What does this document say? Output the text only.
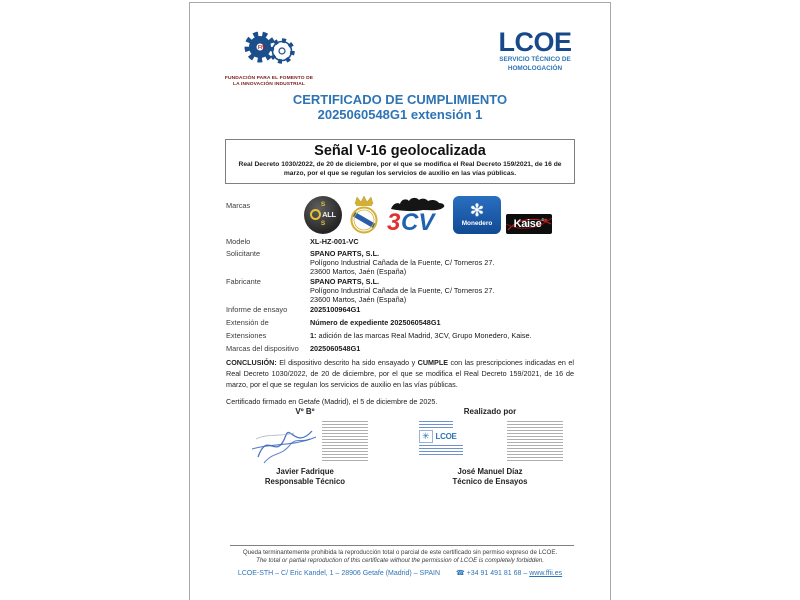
FfII
FUNDACIÓN PARA EL FOMENTO DE
LA INNOVACIÓN INDUSTRIAL
LCOE
SERVICIO TÉCNICO DE
HOMOLOGACIÓN
CERTIFICADO DE CUMPLIMIENTO
2025060548G1 extensión 1
Señal V-16 geolocalizada
Real Decreto 1030/2022, de 20 de diciembre, por el que se modifica el Real Decreto 159/2021, de 16 de marzo, por el que se regulan los servicios de auxilio en las vías públicas.
Marcas	S
ALL
S	3 CV ✻
Monedero Kaise ®
Modelo	XL-HZ-001-VC
Solicitante	SPANO PARTS, S.L.
Polígono Industrial Cañada de la Fuente, C/ Torneros 27.
23600 Martos, Jaén (España)
Fabricante	SPANO PARTS, S.L.
Polígono Industrial Cañada de la Fuente, C/ Torneros 27.
23600 Martos, Jaén (España)
Informe de ensayo	2025100964G1
Extensión de	Número de expediente 2025060548G1
Extensiones	1: adición de las marcas Real Madrid, 3CV, Grupo Monedero, Kaise.
Marcas del dispositivo 2025060548G1
CONCLUSIÓN: El dispositivo descrito ha sido ensayado y CUMPLE con las prescripciones indicadas en el Real Decreto 1030/2022, de 20 de diciembre, por el que se modifica el Real Decreto 159/2021, de 16 de marzo, por el que se regulan los servicios de auxilio en las vías públicas.
Certificado firmado en Getafe (Madrid), el 5 de diciembre de 2025.
Vº Bº
Javier Fadrique
Responsable Técnico
Realizado por
✳ LCOE
José Manuel Díaz
Técnico de Ensayos
Queda terminantemente prohibida la reproducción total o parcial de este certificado sin permiso expreso de LCOE.
The total or partial reproduction of this certificate without the permission of LCOE is completely forbidden.
LCOE-STH – C/ Eric Kandel, 1 – 28906 Getafe (Madrid) – SPAIN ☎ +34 91 491 81 68 – www.ffii.es
